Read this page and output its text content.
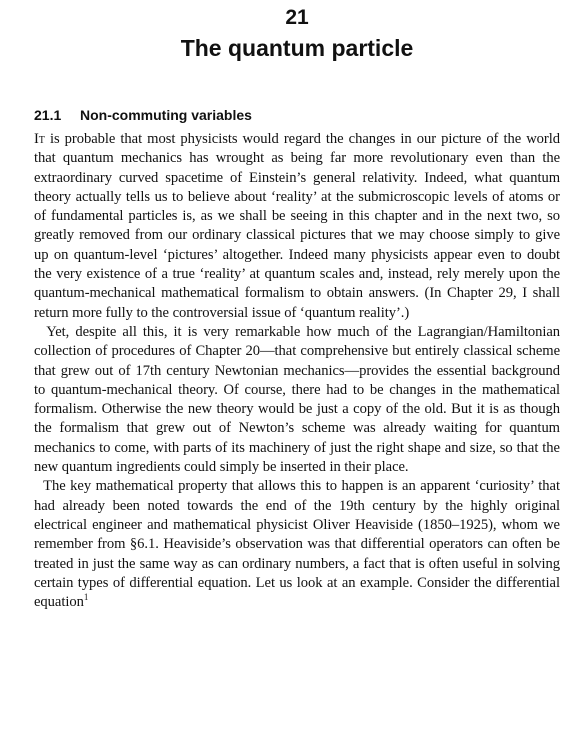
21
The quantum particle
21.1 Non-commuting variables

It is probable that most physicists would regard the changes in our picture of the world that quantum mechanics has wrought as being far more revolutionary even than the extraordinary curved spacetime of Einstein’s general relativity. Indeed, what quantum theory actually tells us to believe about ‘reality’ at the submicroscopic levels of atoms or of fundamental particles is, as we shall be seeing in this chapter and in the next two, so greatly removed from our ordinary classical pictures that we may choose simply to give up on quantum-level ‘pictures’ altogether. Indeed many physicists appear even to doubt the very existence of a true ‘reality’ at quantum scales and, instead, rely merely upon the quantum-mechanical mathematical formalism to obtain answers. (In Chapter 29, I shall return more fully to the controversial issue of ‘quantum reality’.)

Yet, despite all this, it is very remarkable how much of the Lagrangian/Hamiltonian collection of procedures of Chapter 20—that comprehensive but entirely classical scheme that grew out of 17th century Newtonian mechanics—provides the essential background to quantum-mechanical theory. Of course, there had to be changes in the mathematical formalism. Otherwise the new theory would be just a copy of the old. But it is as though the formalism that grew out of Newton’s scheme was already waiting for quantum mechanics to come, with parts of its machinery of just the right shape and size, so that the new quantum ingredients could simply be inserted in their place.

The key mathematical property that allows this to happen is an apparent ‘curiosity’ that had already been noted towards the end of the 19th century by the highly original electrical engineer and mathematical physicist Oliver Heaviside (1850–1925), whom we remember from §6.1. Heaviside’s observation was that differential operators can often be treated in just the same way as can ordinary numbers, a fact that is often useful in solving certain types of differential equation. Let us look at an example. Consider the differential equation$^1$
